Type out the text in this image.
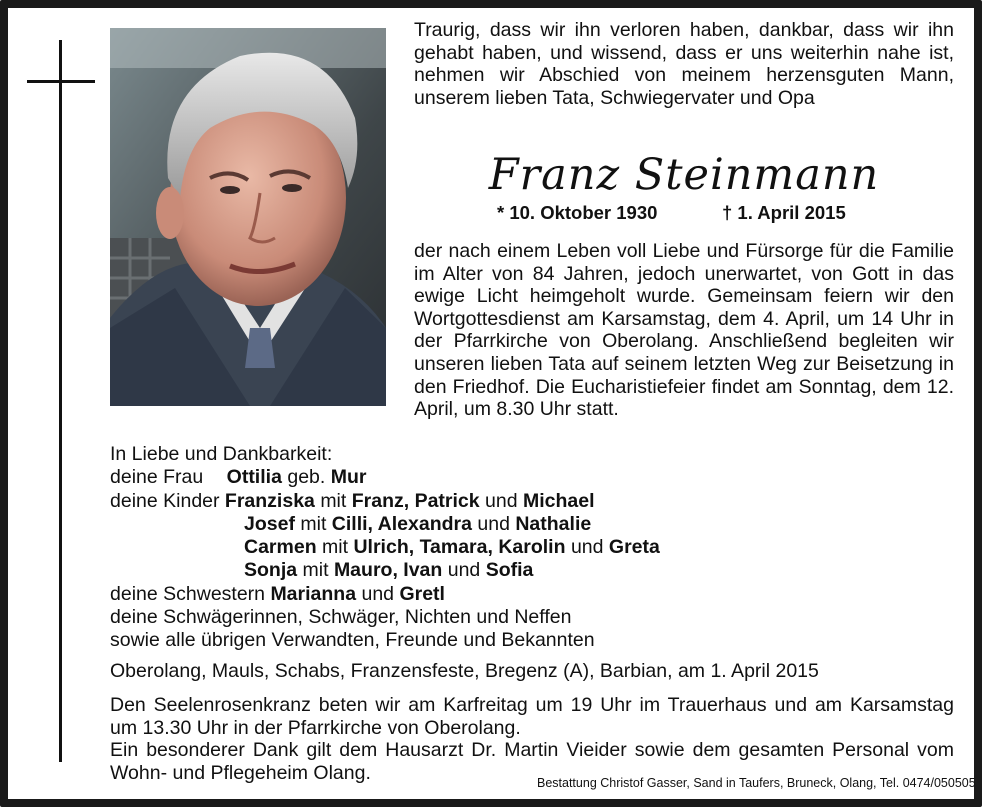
Traurig, dass wir ihn verloren haben, dankbar, dass wir ihn gehabt haben, und wissend, dass er uns weiterhin nahe ist, nehmen wir Abschied von meinem herzensguten Mann, unserem lieben Tata, Schwiegervater und Opa
Franz Steinmann
* 10. Oktober 1930	† 1. April 2015
der nach einem Leben voll Liebe und Fürsorge für die Familie im Alter von 84 Jahren, jedoch unerwartet, von Gott in das ewige Licht heimgeholt wurde. Gemeinsam feiern wir den Wortgottesdienst am Karsamstag, dem 4. April, um 14 Uhr in der Pfarrkirche von Oberolang. Anschließend begleiten wir unseren lieben Tata auf seinem letzten Weg zur Beisetzung in den Friedhof. Die Eucharistiefeier findet am Sonntag, dem 12. April, um 8.30 Uhr statt.
In Liebe und Dankbarkeit:
deine Frau Ottilia geb. Mur
deine Kinder Franziska mit Franz, Patrick und Michael
Josef mit Cilli, Alexandra und Nathalie
Carmen mit Ulrich, Tamara, Karolin und Greta
Sonja mit Mauro, Ivan und Sofia
deine Schwestern Marianna und Gretl
deine Schwägerinnen, Schwäger, Nichten und Neffen
sowie alle übrigen Verwandten, Freunde und Bekannten
Oberolang, Mauls, Schabs, Franzensfeste, Bregenz (A), Barbian, am 1. April 2015

Den Seelenrosenkranz beten wir am Karfreitag um 19 Uhr im Trauerhaus und am Karsamstag um 13.30 Uhr in der Pfarrkirche von Oberolang.

Ein besonderer Dank gilt dem Hausarzt Dr. Martin Vieider sowie dem gesamten Personal vom Wohn- und Pflegeheim Olang.	Bestattung Christof Gasser, Sand in Taufers, Bruneck, Olang, Tel. 0474/050505
